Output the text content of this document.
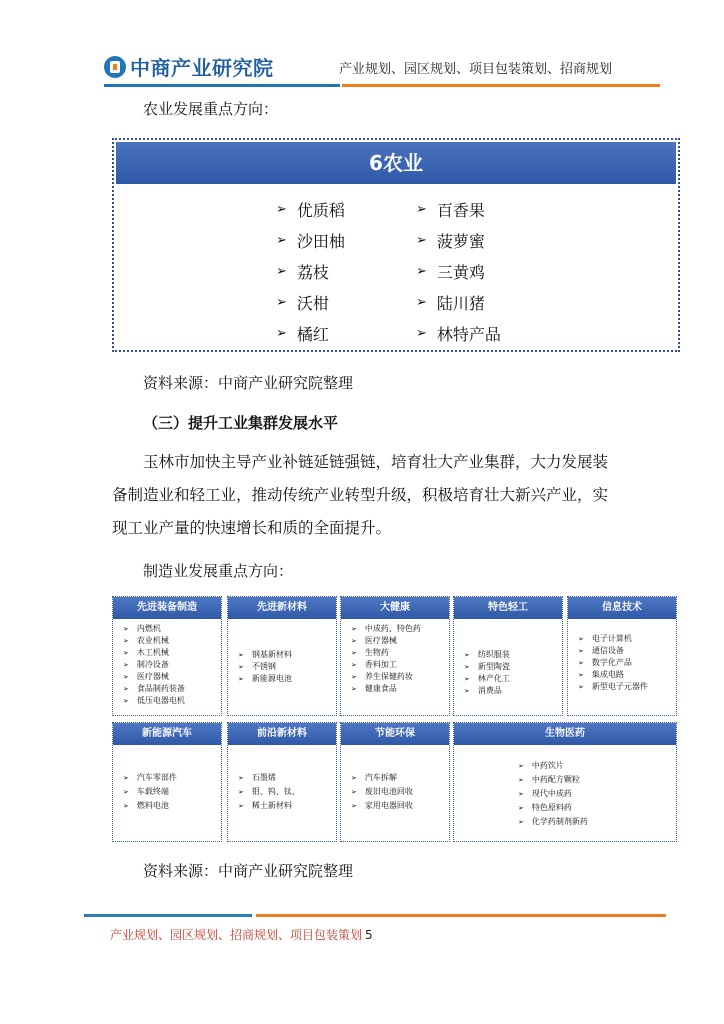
中商产业研究院	产业规划、园区规划、项目包装策划、招商规划
农业发展重点方向：
6农业
➢ 优质稻
➢ 沙田柚
➢ 荔枝
➢ 沃柑
➢ 橘红
➢ 百香果
➢ 菠萝蜜
➢ 三黄鸡
➢ 陆川猪
➢ 林特产品
资料来源：中商产业研究院整理
（三）提升工业集群发展水平
玉林市加快主导产业补链延链强链，培育壮大产业集群，大力发展装备制造业和轻工业，推动传统产业转型升级，积极培育壮大新兴产业，实现工业产量的快速增长和质的全面提升。
制造业发展重点方向：
先进装备制造
➢ 内燃机
➢ 农业机械
➢ 木工机械
➢ 制冷设备
➢ 医疗器械
➢ 食品制药装备
➢ 低压电器电机
先进新材料
➢ 钢基新材料
➢ 不锈钢
➢ 新能源电池
大健康
➢ 中成药、特色药
➢ 医疗器械
➢ 生物药
➢ 香料加工
➢ 养生保健药妆
➢ 健康食品
特色轻工
➢ 纺织服装
➢ 新型陶瓷
➢ 林产化工
➢ 消费品
信息技术
➢ 电子计算机
➢ 通信设备
➢ 数字化产品
➢ 集成电路
➢ 新型电子元器件
新能源汽车
➢ 汽车零部件
➢ 车载终端
➢ 燃料电池
前沿新材料
➢ 石墨烯
➢ 钼、钨、钛、
➢ 稀土新材料
节能环保
➢ 汽车拆解
➢ 废旧电池回收
➢ 家用电器回收
生物医药
➢ 中药饮片
➢ 中药配方颗粒
➢ 现代中成药
➢ 特色原料药
➢ 化学药制剂新药
资料来源：中商产业研究院整理
产业规划、园区规划、招商规划、项目包装策划 5
